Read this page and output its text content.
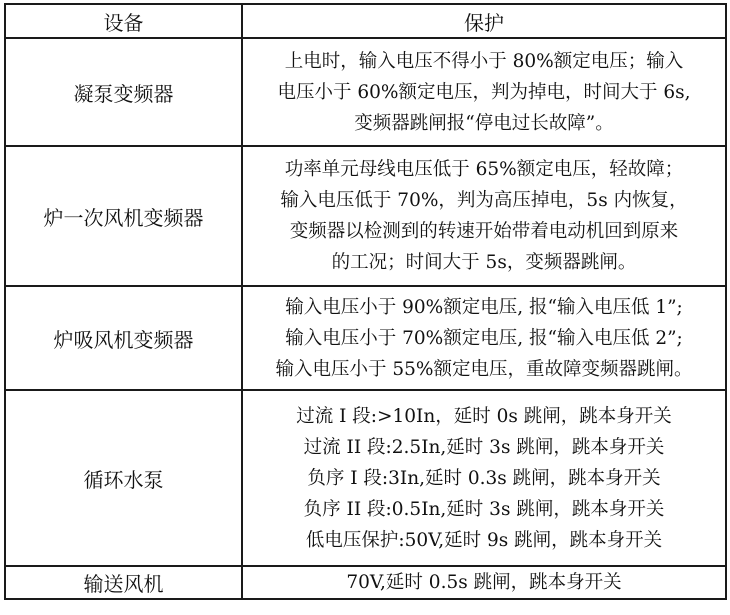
设备	保护
凝泵变频器	上电时，输入电压不得小于 80%额定电压；输入
电压小于 60%额定电压，判为掉电，时间大于 6s,
变频器跳闸报“停电过长故障”。

炉一次风机变频器	功率单元母线电压低于 65%额定电压，轻故障；
输入电压低于 70%，判为高压掉电，5s 内恢复，
变频器以检测到的转速开始带着电动机回到原来
的工况；时间大于 5s，变频器跳闸。

炉吸风机变频器	输入电压小于 90%额定电压, 报“输入电压低 1”;
输入电压小于 70%额定电压, 报“输入电压低 2”;
输入电压小于 55%额定电压，重故障变频器跳闸。

循环水泵	过流 I 段:>10In，延时 0s 跳闸，跳本身开关
过流 II 段:2.5In,延时 3s 跳闸，跳本身开关
负序 I 段:3In,延时 0.3s 跳闸，跳本身开关
负序 II 段:0.5In,延时 3s 跳闸，跳本身开关
低电压保护:50V,延时 9s 跳闸，跳本身开关

输送风机	70V,延时 0.5s 跳闸，跳本身开关
